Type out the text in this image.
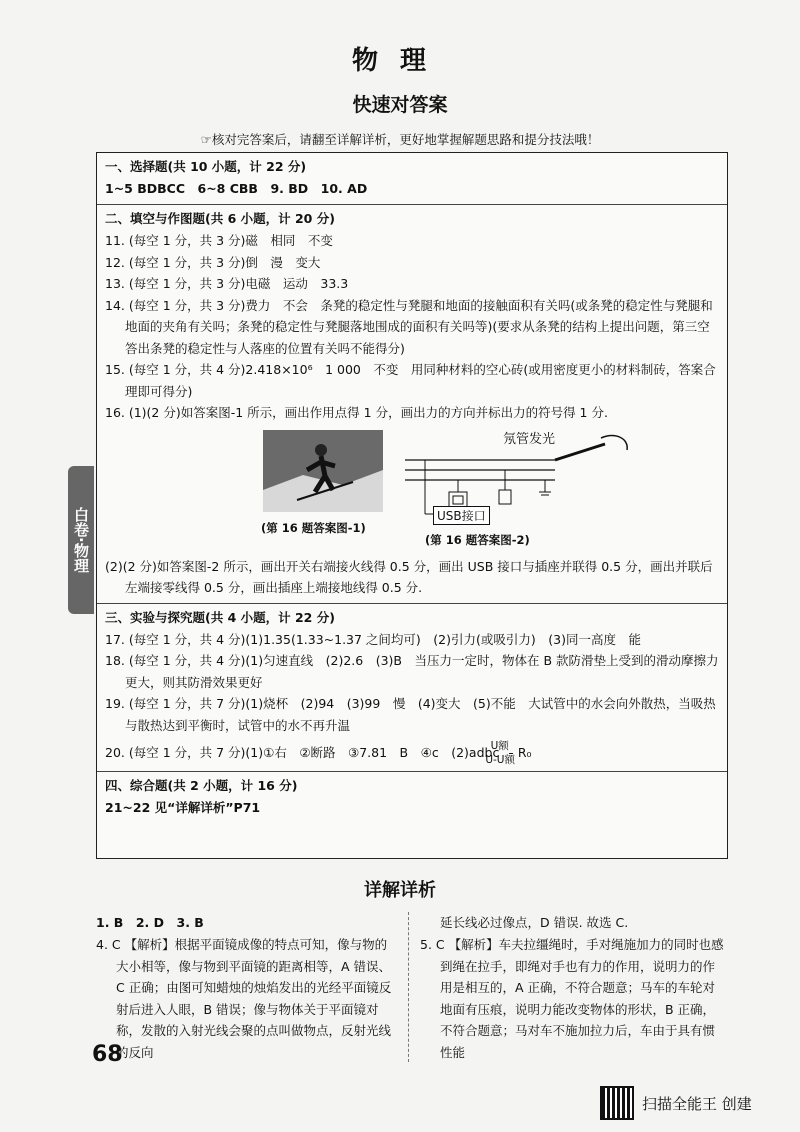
物理
快速对答案
☞核对完答案后，请翻至详解详析，更好地掌握解题思路和提分技法哦！
白卷·物理
一、选择题(共 10 小题，计 22 分)
1~5 BDBCC　6~8 CBB　9. BD　10. AD
二、填空与作图题(共 6 小题，计 20 分)
11. (每空 1 分，共 3 分)磁　相同　不变
12. (每空 1 分，共 3 分)倒　漫　变大
13. (每空 1 分，共 3 分)电磁　运动　33.3
14. (每空 1 分，共 3 分)费力　不会　条凳的稳定性与凳腿和地面的接触面积有关吗(或条凳的稳定性与凳腿和地面的夹角有关吗；条凳的稳定性与凳腿落地围成的面积有关吗等)(要求从条凳的结构上提出问题，第三空答出条凳的稳定性与人落座的位置有关吗不能得分)
15. (每空 1 分，共 4 分)2.418×10⁶　1 000　不变　用同种材料的空心砖(或用密度更小的材料制砖，答案合理即可得分)
16. (1)(2 分)如答案图-1 所示，画出作用点得 1 分，画出力的方向并标出力的符号得 1 分.
(第 16 题答案图-1)
氖管发光
USB接口
(第 16 题答案图-2)
(2)(2 分)如答案图-2 所示，画出开关右端接火线得 0.5 分，画出 USB 接口与插座并联得 0.5 分，画出并联后左端接零线得 0.5 分，画出插座上端接地线得 0.5 分.
三、实验与探究题(共 4 小题，计 22 分)
17. (每空 1 分，共 4 分)(1)1.35(1.33~1.37 之间均可)　(2)引力(或吸引力)　(3)同一高度　能
18. (每空 1 分，共 4 分)(1)匀速直线　(2)2.6　(3)B　当压力一定时，物体在 B 款防滑垫上受到的滑动摩擦力更大，则其防滑效果更好
19. (每空 1 分，共 7 分)(1)烧杯　(2)94　(3)99　慢　(4)变大　(5)不能　大试管中的水会向外散热，当吸热与散热达到平衡时，试管中的水不再升温
20. (每空 1 分，共 7 分)(1)①右　②断路　③7.81　B　④c　(2)adbc $\frac{\text{U额}}{\text{U-U额}} R_0$
四、综合题(共 2 小题，计 16 分)
21~22 见“详解详析”P71
详解详析
1. B　2. D　3. B
4. C 【解析】根据平面镜成像的特点可知，像与物的大小相等，像与物到平面镜的距离相等，A 错误、C 正确；由图可知蜡烛的烛焰发出的光经平面镜反射后进入人眼，B 错误；像与物体关于平面镜对称，发散的入射光线会聚的点叫做物点，反射光线的反向
延长线必过像点，D 错误. 故选 C.
5. C 【解析】车夫拉缰绳时，手对绳施加力的同时也感到绳在拉手，即绳对手也有力的作用，说明力的作用是相互的，A 正确，不符合题意；马车的车轮对地面有压痕，说明力能改变物体的形状，B 正确，不符合题意；马对车不施加拉力后，车由于具有惯性能
68
扫描全能王 创建
